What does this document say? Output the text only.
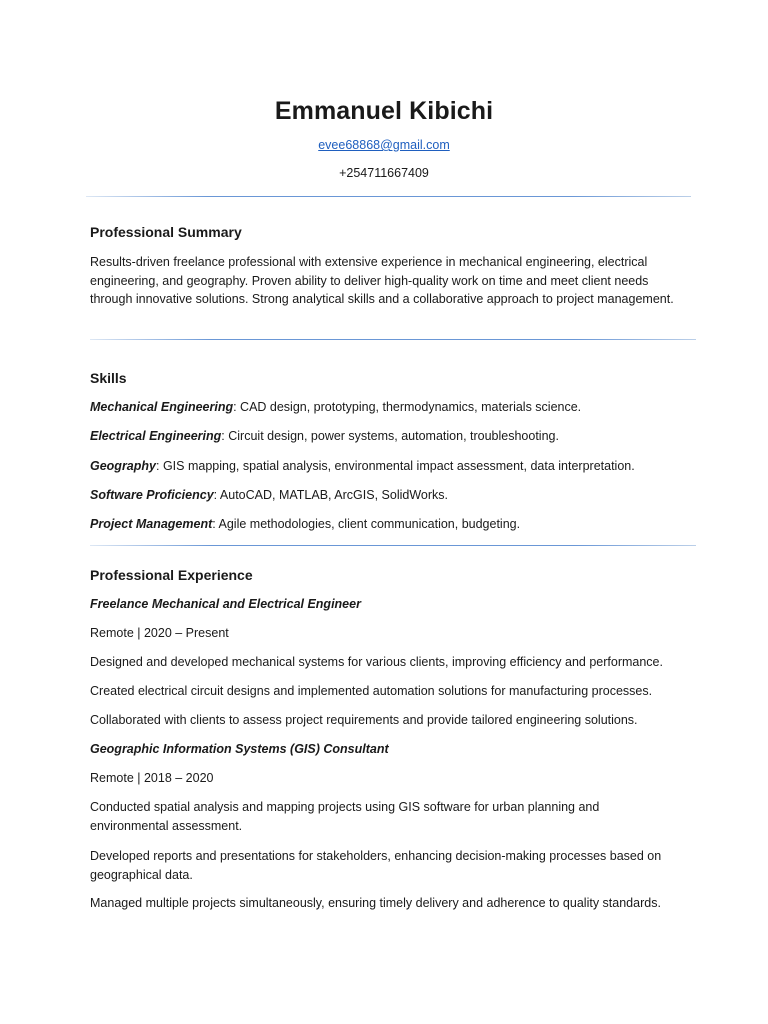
Emmanuel Kibichi
evee68868@gmail.com
+254711667409
Professional Summary

Results-driven freelance professional with extensive experience in mechanical engineering, electrical engineering, and geography. Proven ability to deliver high-quality work on time and meet client needs through innovative solutions. Strong analytical skills and a collaborative approach to project management.

Skills

Mechanical Engineering: CAD design, prototyping, thermodynamics, materials science.

Electrical Engineering: Circuit design, power systems, automation, troubleshooting.

Geography: GIS mapping, spatial analysis, environmental impact assessment, data interpretation.

Software Proficiency: AutoCAD, MATLAB, ArcGIS, SolidWorks.

Project Management: Agile methodologies, client communication, budgeting.

Professional Experience

Freelance Mechanical and Electrical Engineer

Remote | 2020 – Present

Designed and developed mechanical systems for various clients, improving efficiency and performance.

Created electrical circuit designs and implemented automation solutions for manufacturing processes.

Collaborated with clients to assess project requirements and provide tailored engineering solutions.

Geographic Information Systems (GIS) Consultant

Remote | 2018 – 2020

Conducted spatial analysis and mapping projects using GIS software for urban planning and environmental assessment.

Developed reports and presentations for stakeholders, enhancing decision-making processes based on geographical data.

Managed multiple projects simultaneously, ensuring timely delivery and adherence to quality standards.
